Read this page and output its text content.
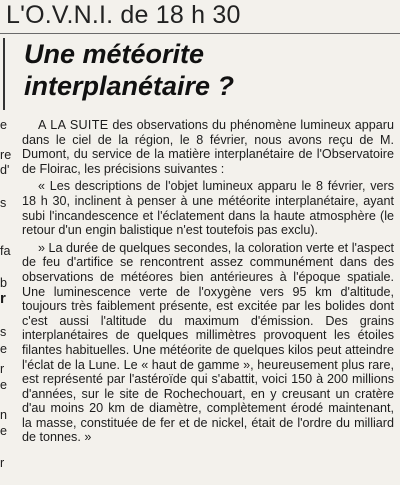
L'O.V.N.I. de 18 h 30
Une météorite
interplanétaire ?
e
re
d'
s
fa
b
r
s
e
r
e
n
e
r

A LA SUITE des observations du phénomène lumineux apparu dans le ciel de la région, le 8 février, nous avons reçu de M. Dumont, du service de la matière interplanétaire de l'Observatoire de Floirac, les précisions suivantes :

« Les descriptions de l'objet lumineux apparu le 8 février, vers 18 h 30, inclinent à penser à une météorite interplanétaire, ayant subi l'incandescence et l'éclatement dans la haute atmosphère (le retour d'un engin balistique n'est toutefois pas exclu).

» La durée de quelques secondes, la coloration verte et l'aspect de feu d'artifice se rencontrent assez communément dans des observations de météores bien antérieures à l'époque spatiale. Une luminescence verte de l'oxygène vers 95 km d'altitude, toujours très faiblement présente, est excitée par les bolides dont c'est aussi l'altitude du maximum d'émission. Des grains interplanétaires de quelques millimètres provoquent les étoiles filantes habituelles. Une météorite de quelques kilos peut atteindre l'éclat de la Lune. Le « haut de gamme », heureusement plus rare, est représenté par l'astéroïde qui s'abattit, voici 150 à 200 millions d'années, sur le site de Rochechouart, en y creusant un cratère d'au moins 20 km de diamètre, complètement érodé maintenant, la masse, constituée de fer et de nickel, était de l'ordre du milliard de tonnes. »
